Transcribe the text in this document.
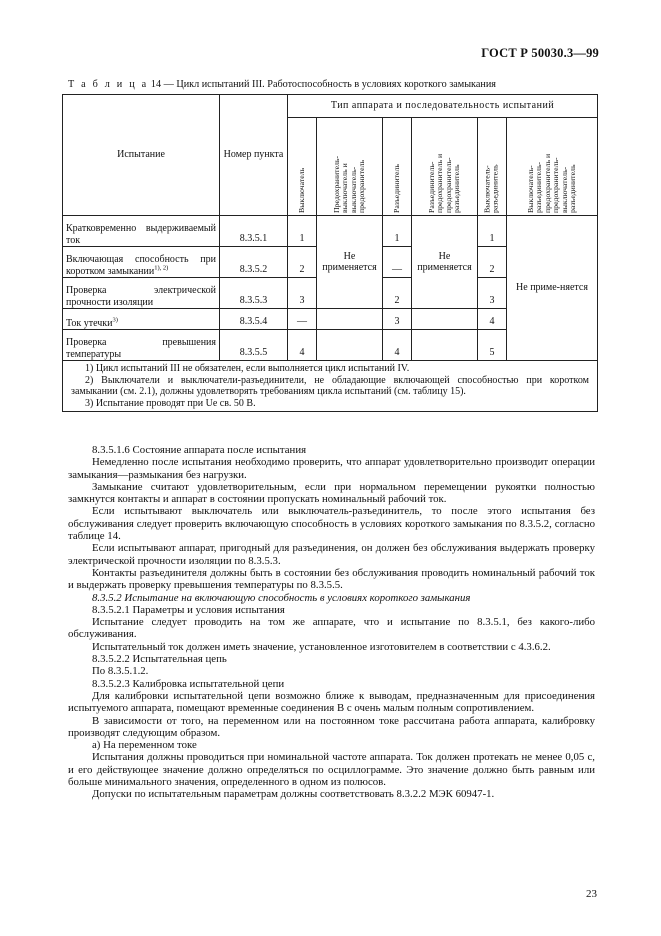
ГОСТ Р 50030.3—99
Т а б л и ц а 14 — Цикл испытаний III. Работоспособность в условиях короткого замыкания
Испытание	Номер пункта	Тип аппарата и последовательность испытаний					

		Выключатель	Предохранитель-выключатель и выключатель-предохранитель	Разъединитель	Разъединитель-предохранитель и предохранитель-разъединитель	Выключатель-разъединитель	Выключатель-разъединитель-предохранитель и предохранитель-выключатель-разъединитель

Кратковременно выдерживаемый ток	8.3.5.1	1	Не применяется	1	Не применяется	1	Не приме-няется
Включающая способность при коротком замыкании$^{1), 2)}$	8.3.5.2	2		—		2	
Проверка электрической прочности изоляции	8.3.5.3	3		2		3	
Ток утечки$^{3)}$	8.3.5.4	—		3		4	
Проверка превышения температуры	8.3.5.5	4		4		5	

1) Цикл испытаний III не обязателен, если выполняется цикл испытаний IV.

2) Выключатели и выключатели-разъединители, не обладающие включающей способностью при коротком замыкании (см. 2.1), должны удовлетворять требованиям цикла испытаний (см. таблицу 15).

3) Испытание проводят при Uе св. 50 В.							

8.3.5.1.6 Состояние аппарата после испытания

Немедленно после испытания необходимо проверить, что аппарат удовлетворительно производит операции замыкания—размыкания без нагрузки.

Замыкание считают удовлетворительным, если при нормальном перемещении рукоятки полностью замкнутся контакты и аппарат в состоянии пропускать номинальный рабочий ток.

Если испытывают выключатель или выключатель-разъединитель, то после этого испытания без обслуживания следует проверить включающую способность в условиях короткого замыкания по 8.3.5.2, согласно таблице 14.

Если испытывают аппарат, пригодный для разъединения, он должен без обслуживания выдержать проверку электрической прочности изоляции по 8.3.5.3.

Контакты разъединителя должны быть в состоянии без обслуживания проводить номинальный рабочий ток и выдержать проверку превышения температуры по 8.3.5.5.

8.3.5.2 Испытание на включающую способность в условиях короткого замыкания

8.3.5.2.1 Параметры и условия испытания

Испытание следует проводить на том же аппарате, что и испытание по 8.3.5.1, без какого-либо обслуживания.

Испытательный ток должен иметь значение, установленное изготовителем в соответствии с 4.3.6.2.

8.3.5.2.2 Испытательная цепь

По 8.3.5.1.2.

8.3.5.2.3 Калибровка испытательной цепи

Для калибровки испытательной цепи возможно ближе к выводам, предназначенным для присоединения испытуемого аппарата, помещают временные соединения B с очень малым полным сопротивлением.

В зависимости от того, на переменном или на постоянном токе рассчитана работа аппарата, калибровку производят следующим образом.

а) На переменном токе

Испытания должны проводиться при номинальной частоте аппарата. Ток должен протекать не менее 0,05 с, и его действующее значение должно определяться по осциллограмме. Это значение должно быть равным или больше минимального значения, определенного в одном из полюсов.

Допуски по испытательным параметрам должны соответствовать 8.3.2.2 МЭК 60947-1.

23
